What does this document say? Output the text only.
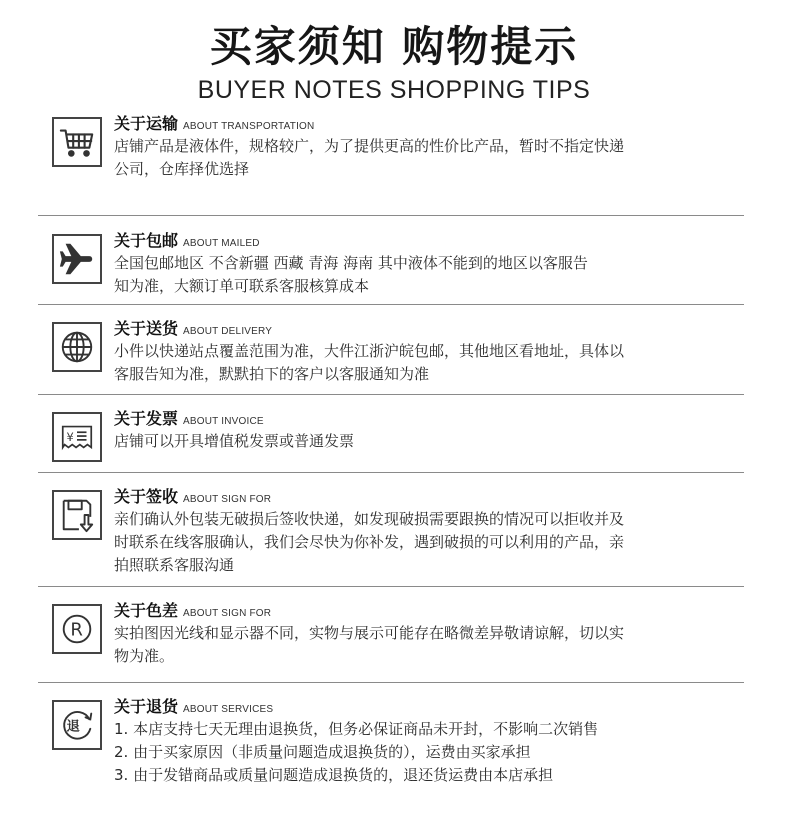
买家须知 购物提示
BUYER NOTES SHOPPING TIPS
关于运输 ABOUT TRANSPORTATION

店铺产品是液体件，规格较广，为了提供更高的性价比产品，暂时不指定快递

公司，仓库择优选择

关于包邮 ABOUT MAILED

全国包邮地区 不含新疆 西藏 青海 海南 其中液体不能到的地区以客服告

知为准，大额订单可联系客服核算成本

关于送货 ABOUT DELIVERY

小件以快递站点覆盖范围为准，大件江浙沪皖包邮，其他地区看地址，具体以

客服告知为准，默默拍下的客户以客服通知为准

¥
关于发票 ABOUT INVOICE

店铺可以开具增值税发票或普通发票

关于签收 ABOUT SIGN FOR

亲们确认外包装无破损后签收快递，如发现破损需要跟换的情况可以拒收并及

时联系在线客服确认，我们会尽快为你补发，遇到破损的可以利用的产品，亲

拍照联系客服沟通

R
关于色差 ABOUT SIGN FOR

实拍图因光线和显示器不同，实物与展示可能存在略微差异敬请谅解，切以实

物为准。

退
关于退货 ABOUT SERVICES

1. 本店支持七天无理由退换货，但务必保证商品未开封，不影响二次销售

2. 由于买家原因（非质量问题造成退换货的），运费由买家承担

3. 由于发错商品或质量问题造成退换货的，退还货运费由本店承担
